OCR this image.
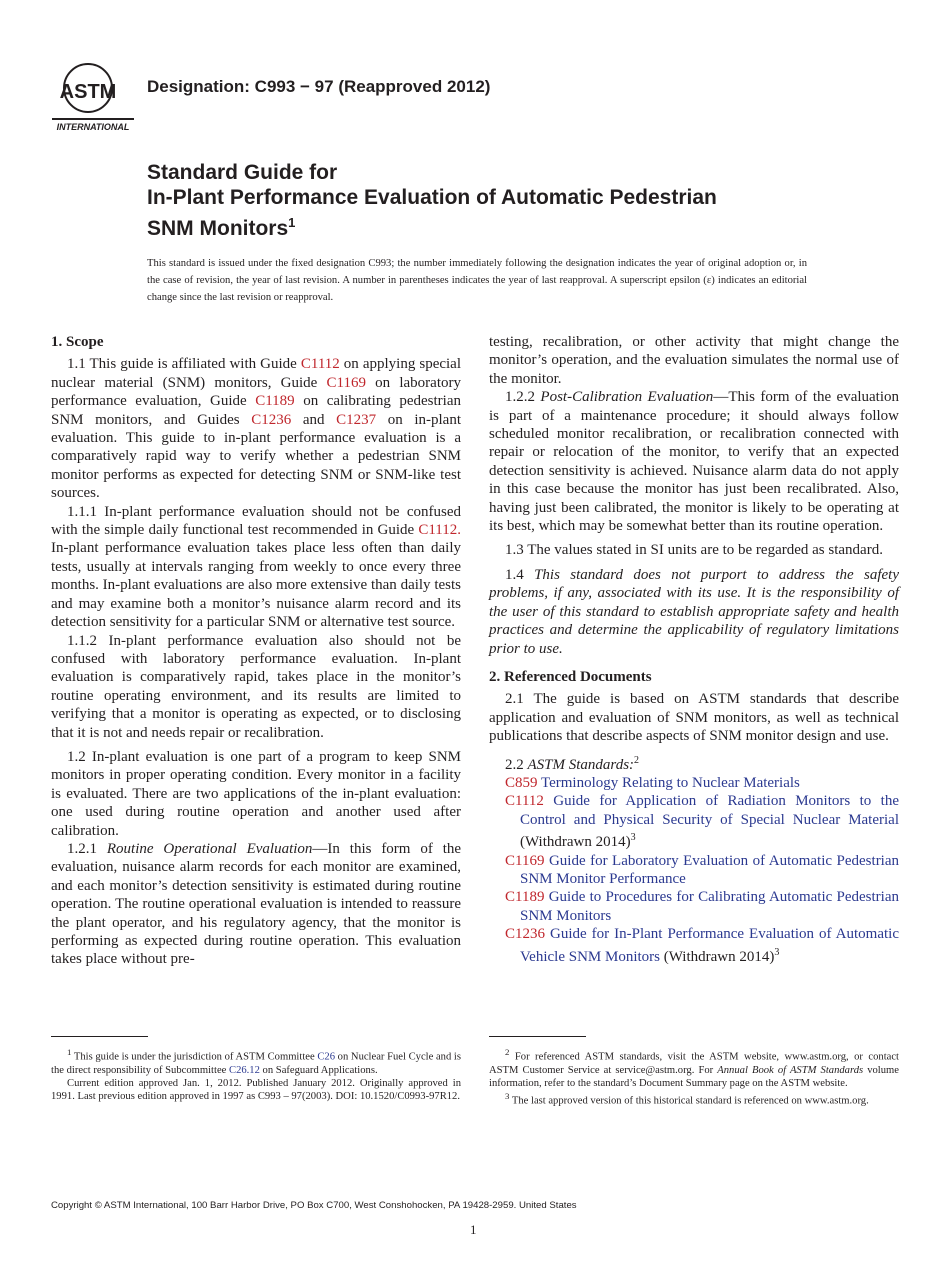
ASTM
INTERNATIONAL
Designation: C993 − 97 (Reapproved 2012)
Standard Guide for
In-Plant Performance Evaluation of Automatic Pedestrian
SNM Monitors$^1$
This standard is issued under the fixed designation C993; the number immediately following the designation indicates the year of original adoption or, in the case of revision, the year of last revision. A number in parentheses indicates the year of last reapproval. A superscript epsilon (ε) indicates an editorial change since the last revision or reapproval.

1. Scope

1.1 This guide is affiliated with Guide C1112 on applying special nuclear material (SNM) monitors, Guide C1169 on laboratory performance evaluation, Guide C1189 on calibrating pedestrian SNM monitors, and Guides C1236 and C1237 on in-plant evaluation. This guide to in-plant performance evaluation is a comparatively rapid way to verify whether a pedestrian SNM monitor performs as expected for detecting SNM or SNM-like test sources.

1.1.1 In-plant performance evaluation should not be confused with the simple daily functional test recommended in Guide C1112. In-plant performance evaluation takes place less often than daily tests, usually at intervals ranging from weekly to once every three months. In-plant evaluations are also more extensive than daily tests and may examine both a monitor’s nuisance alarm record and its detection sensitivity for a particular SNM or alternative test source.

1.1.2 In-plant performance evaluation also should not be confused with laboratory performance evaluation. In-plant evaluation is comparatively rapid, takes place in the monitor’s routine operating environment, and its results are limited to verifying that a monitor is operating as expected, or to disclosing that it is not and needs repair or recalibration.

1.2 In-plant evaluation is one part of a program to keep SNM monitors in proper operating condition. Every monitor in a facility is evaluated. There are two applications of the in-plant evaluation: one used during routine operation and another used after calibration.

1.2.1 Routine Operational Evaluation—In this form of the evaluation, nuisance alarm records for each monitor are examined, and each monitor’s detection sensitivity is estimated during routine operation. The routine operational evaluation is intended to reassure the plant operator, and his regulatory agency, that the monitor is performing as expected during routine operation. This evaluation takes place without pre-

testing, recalibration, or other activity that might change the monitor’s operation, and the evaluation simulates the normal use of the monitor.

1.2.2 Post-Calibration Evaluation—This form of the evaluation is part of a maintenance procedure; it should always follow scheduled monitor recalibration, or recalibration connected with repair or relocation of the monitor, to verify that an expected detection sensitivity is achieved. Nuisance alarm data do not apply in this case because the monitor has just been recalibrated. Also, having just been calibrated, the monitor is likely to be operating at its best, which may be somewhat better than its routine operation.

1.3 The values stated in SI units are to be regarded as standard.

1.4 This standard does not purport to address the safety problems, if any, associated with its use. It is the responsibility of the user of this standard to establish appropriate safety and health practices and determine the applicability of regulatory limitations prior to use.

2. Referenced Documents

2.1 The guide is based on ASTM standards that describe application and evaluation of SNM monitors, as well as technical publications that describe aspects of SNM monitor design and use.

2.2 ASTM Standards:$^2$

C859 Terminology Relating to Nuclear Materials

C1112 Guide for Application of Radiation Monitors to the Control and Physical Security of Special Nuclear Material (Withdrawn 2014)$^3$

C1169 Guide for Laboratory Evaluation of Automatic Pedestrian SNM Monitor Performance

C1189 Guide to Procedures for Calibrating Automatic Pedestrian SNM Monitors

C1236 Guide for In-Plant Performance Evaluation of Automatic Vehicle SNM Monitors (Withdrawn 2014)$^3$

$^1$ This guide is under the jurisdiction of ASTM Committee C26 on Nuclear Fuel Cycle and is the direct responsibility of Subcommittee C26.12 on Safeguard Applications.

Current edition approved Jan. 1, 2012. Published January 2012. Originally approved in 1991. Last previous edition approved in 1997 as C993 – 97(2003). DOI: 10.1520/C0993-97R12.

$^2$ For referenced ASTM standards, visit the ASTM website, www.astm.org, or contact ASTM Customer Service at service@astm.org. For Annual Book of ASTM Standards volume information, refer to the standard’s Document Summary page on the ASTM website.

$^3$ The last approved version of this historical standard is referenced on www.astm.org.

Copyright © ASTM International, 100 Barr Harbor Drive, PO Box C700, West Conshohocken, PA 19428-2959. United States
1
